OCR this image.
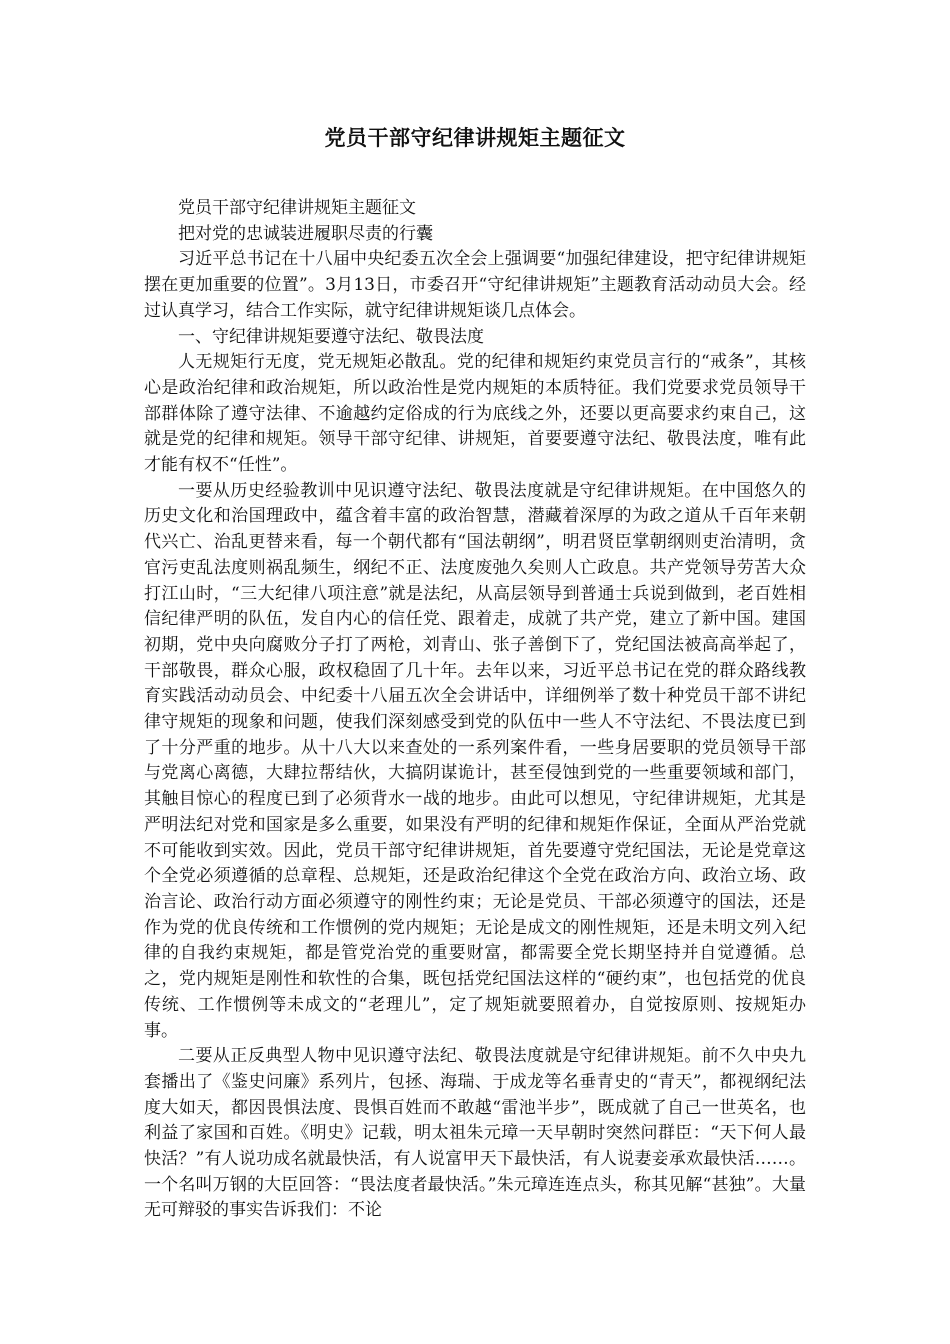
党员干部守纪律讲规矩主题征文

党员干部守纪律讲规矩主题征文

把对党的忠诚装进履职尽责的行囊

习近平总书记在十八届中央纪委五次全会上强调要“加强纪律建设，把守纪律讲规矩摆在更加重要的位置”。3月13日，市委召开“守纪律讲规矩”主题教育活动动员大会。经过认真学习，结合工作实际，就守纪律讲规矩谈几点体会。

一、守纪律讲规矩要遵守法纪、敬畏法度

人无规矩行无度，党无规矩必散乱。党的纪律和规矩约束党员言行的“戒条”，其核心是政治纪律和政治规矩，所以政治性是党内规矩的本质特征。我们党要求党员领导干部群体除了遵守法律、不逾越约定俗成的行为底线之外，还要以更高要求约束自己，这就是党的纪律和规矩。领导干部守纪律、讲规矩，首要要遵守法纪、敬畏法度，唯有此才能有权不“任性”。

一要从历史经验教训中见识遵守法纪、敬畏法度就是守纪律讲规矩。在中国悠久的历史文化和治国理政中，蕴含着丰富的政治智慧，潜藏着深厚的为政之道从千百年来朝代兴亡、治乱更替来看，每一个朝代都有“国法朝纲”，明君贤臣掌朝纲则吏治清明，贪官污吏乱法度则祸乱频生，纲纪不正、法度废弛久矣则人亡政息。共产党领导劳苦大众打江山时，“三大纪律八项注意”就是法纪，从高层领导到普通士兵说到做到，老百姓相信纪律严明的队伍，发自内心的信任党、跟着走，成就了共产党，建立了新中国。建国初期，党中央向腐败分子打了两枪，刘青山、张子善倒下了，党纪国法被高高举起了，干部敬畏，群众心服，政权稳固了几十年。去年以来，习近平总书记在党的群众路线教育实践活动动员会、中纪委十八届五次全会讲话中，详细例举了数十种党员干部不讲纪律守规矩的现象和问题，使我们深刻感受到党的队伍中一些人不守法纪、不畏法度已到了十分严重的地步。从十八大以来查处的一系列案件看，一些身居要职的党员领导干部与党离心离德，大肆拉帮结伙，大搞阴谋诡计，甚至侵蚀到党的一些重要领域和部门，其触目惊心的程度已到了必须背水一战的地步。由此可以想见，守纪律讲规矩，尤其是严明法纪对党和国家是多么重要，如果没有严明的纪律和规矩作保证，全面从严治党就不可能收到实效。因此，党员干部守纪律讲规矩，首先要遵守党纪国法，无论是党章这个全党必须遵循的总章程、总规矩，还是政治纪律这个全党在政治方向、政治立场、政治言论、政治行动方面必须遵守的刚性约束；无论是党员、干部必须遵守的国法，还是作为党的优良传统和工作惯例的党内规矩；无论是成文的刚性规矩，还是未明文列入纪律的自我约束规矩，都是管党治党的重要财富，都需要全党长期坚持并自觉遵循。总之，党内规矩是刚性和软性的合集，既包括党纪国法这样的“硬约束”，也包括党的优良传统、工作惯例等未成文的“老理儿”，定了规矩就要照着办，自觉按原则、按规矩办事。

二要从正反典型人物中见识遵守法纪、敬畏法度就是守纪律讲规矩。前不久中央九套播出了《鉴史问廉》系列片，包拯、海瑞、于成龙等名垂青史的“青天”，都视纲纪法度大如天，都因畏惧法度、畏惧百姓而不敢越“雷池半步”，既成就了自己一世英名，也利益了家国和百姓。《明史》记载，明太祖朱元璋一天早朝时突然问群臣：“天下何人最快活？”有人说功成名就最快活，有人说富甲天下最快活，有人说妻妾承欢最快活……。一个名叫万钢的大臣回答：“畏法度者最快活。”朱元璋连连点头，称其见解“甚独”。大量无可辩驳的事实告诉我们：不论
